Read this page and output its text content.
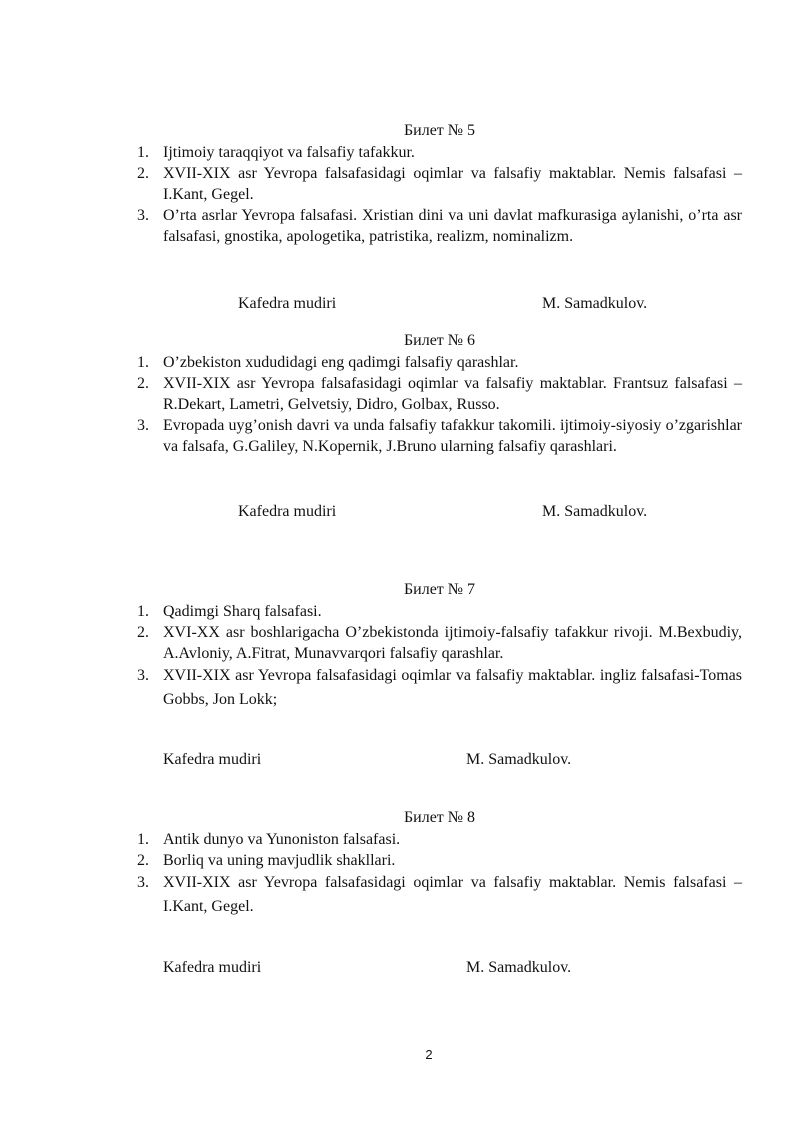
Билет № 5

1. Ijtimoiy taraqqiyot va falsafiy tafakkur.
2. XVII-XIX asr Yevropa falsafasidagi oqimlar va falsafiy maktablar. Nemis falsafasi – I.Kant, Gegel.
3. O’rta asrlar Yevropa falsafasi. Xristian dini va uni davlat mafkurasiga aylanishi, o’rta asr falsafasi, gnostika, apologetika, patristika, realizm, nominalizm.
Kafedra mudiri	M. Samadkulov.

Билет № 6

1. O’zbekiston xududidagi eng qadimgi falsafiy qarashlar.
2. XVII-XIX asr Yevropa falsafasidagi oqimlar va falsafiy maktablar. Frantsuz falsafasi – R.Dekart, Lametri, Gelvetsiy, Didro, Golbax, Russo.
3. Evropada uyg’onish davri va unda falsafiy tafakkur takomili. ijtimoiy-siyosiy o’zgarishlar va falsafa, G.Galiley, N.Kopernik, J.Bruno ularning falsafiy qarashlari.
Kafedra mudiri	M. Samadkulov.

Билет № 7

1. Qadimgi Sharq falsafasi.
2. XVI-XX asr boshlarigacha O’zbekistonda ijtimoiy-falsafiy tafakkur rivoji. M.Bexbudiy, A.Avloniy, A.Fitrat, Munavvarqori falsafiy qarashlar.
3. XVII-XIX asr Yevropa falsafasidagi oqimlar va falsafiy maktablar. ingliz falsafasi-Tomas Gobbs, Jon Lokk;
Kafedra mudiri	M. Samadkulov.

Билет № 8

1. Antik dunyo va Yunoniston falsafasi.
2. Borliq va uning mavjudlik shakllari.
3. XVII-XIX asr Yevropa falsafasidagi oqimlar va falsafiy maktablar. Nemis falsafasi – I.Kant, Gegel.
Kafedra mudiri	M. Samadkulov.
2
